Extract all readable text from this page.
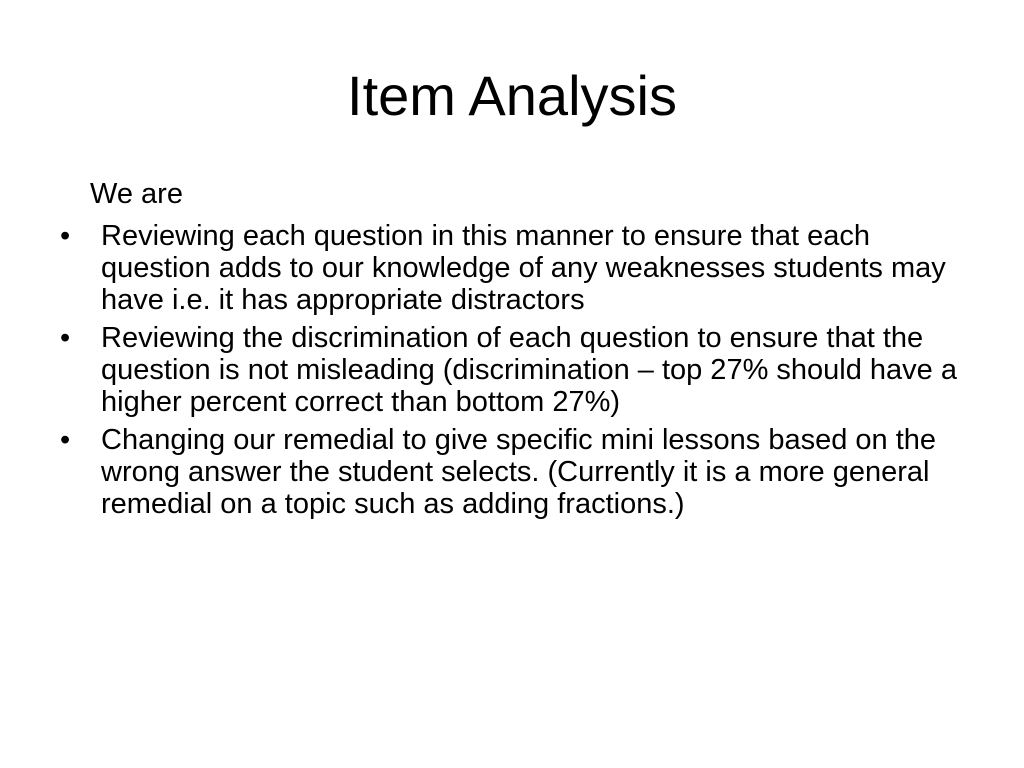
Item Analysis

We are

•	Reviewing each question in this manner to ensure that each question adds to our knowledge of any weaknesses students may have i.e. it has appropriate distractors
•	Reviewing the discrimination of each question to ensure that the question is not misleading (discrimination – top 27% should have a higher percent correct than bottom 27%)
•	Changing our remedial to give specific mini lessons based on the wrong answer the student selects. (Currently it is a more general remedial on a topic such as adding fractions.)
